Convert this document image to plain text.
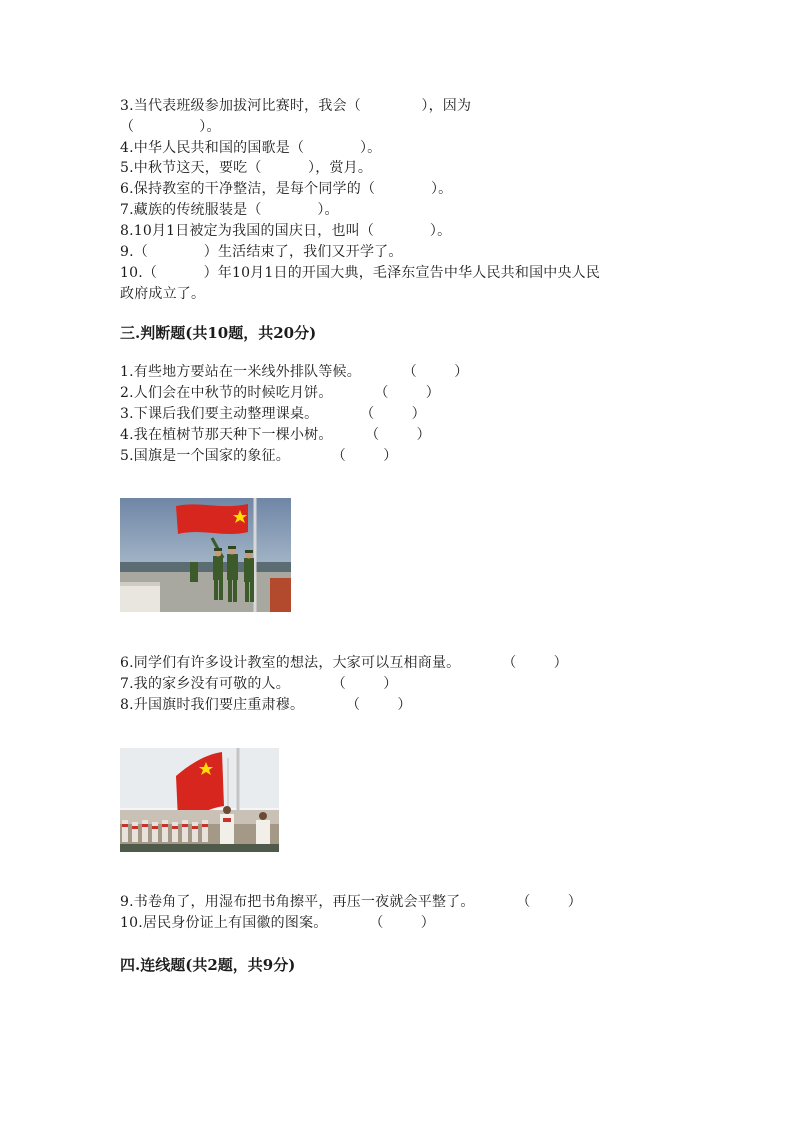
3.当代表班级参加拔河比赛时，我会（             ），因为
（              ）。
4.中华人民共和国的国歌是（            ）。
5.中秋节这天，要吃（          ），赏月。
6.保持教室的干净整洁，是每个同学的（            ）。
7.藏族的传统服装是（            ）。
8.10月1日被定为我国的国庆日，也叫（            ）。
9.（            ）生活结束了，我们又开学了。
10.（          ）年10月1日的开国大典，毛泽东宣告中华人民共和国中央人民
政府成立了。
三.判断题(共10题，共20分)
1.有些地方要站在一米线外排队等候。         （        ）
2.人们会在中秋节的时候吃月饼。         （        ）
3.下课后我们要主动整理课桌。         （        ）
4.我在植树节那天种下一棵小树。       （        ）
5.国旗是一个国家的象征。         （        ）
6.同学们有许多设计教室的想法，大家可以互相商量。         （        ）
7.我的家乡没有可敬的人。         （        ）
8.升国旗时我们要庄重肃穆。         （        ）
9.书卷角了，用湿布把书角擦平，再压一夜就会平整了。         （        ）
10.居民身份证上有国徽的图案。         （        ）
四.连线题(共2题，共9分)
